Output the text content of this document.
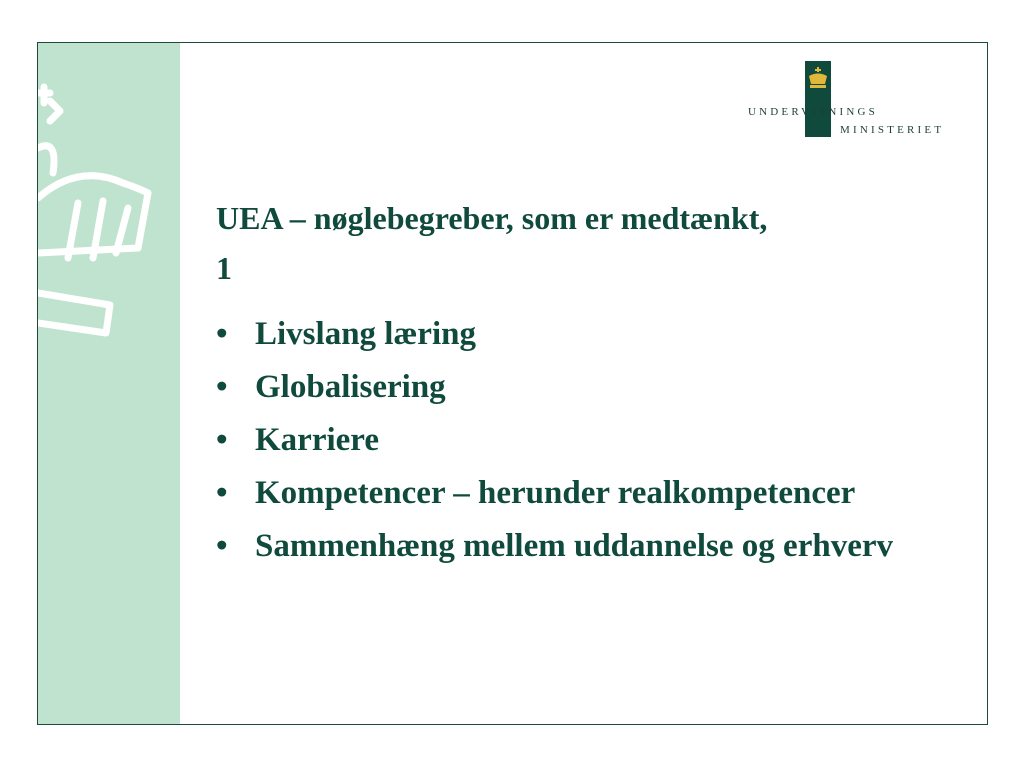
UNDERVISNINGS
MINISTERIET
UEA – nøglebegreber, som er medtænkt, 1
• Livslang læring
• Globalisering
• Karriere
• Kompetencer – herunder realkompetencer
• Sammenhæng mellem uddannelse og erhverv
